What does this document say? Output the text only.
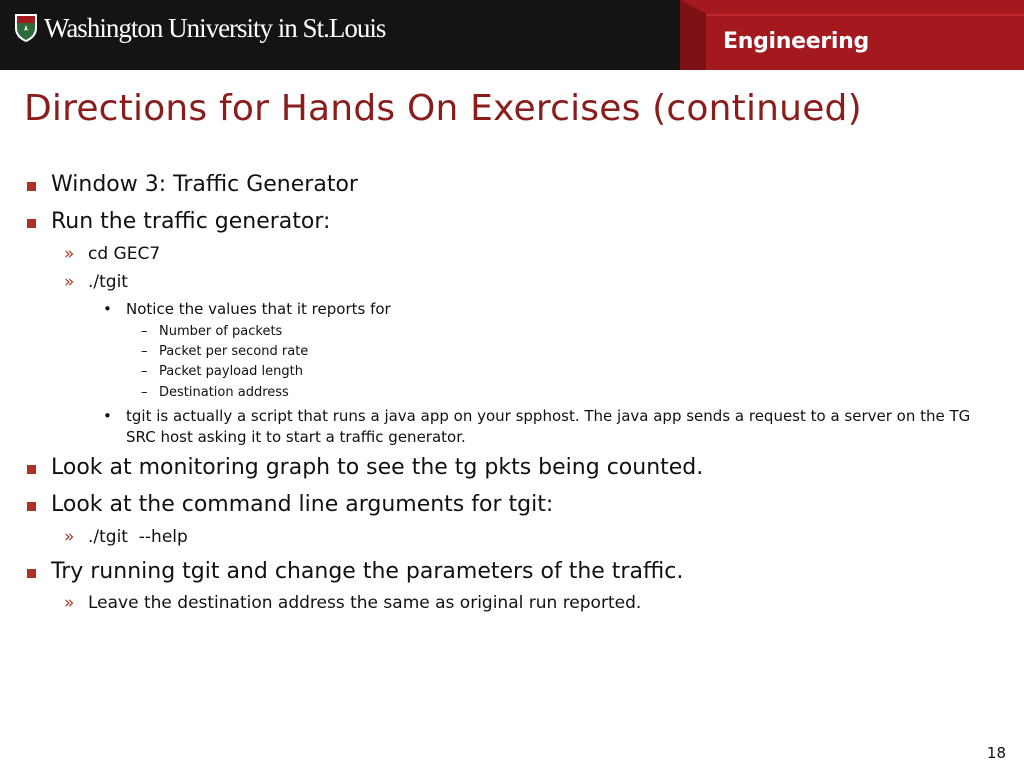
Washington University in St.Louis	Engineering
Directions for Hands On Exercises (continued)
Window 3: Traffic Generator
Run the traffic generator:
» cd GEC7
» ./tgit
• Notice the values that it reports for
– Number of packets
– Packet per second rate
– Packet payload length
– Destination address
• tgit is actually a script that runs a java app on your spphost. The java app sends a request to a server on the TG SRC host asking it to start a traffic generator.
Look at monitoring graph to see the tg pkts being counted.
Look at the command line arguments for tgit:
» ./tgit  --help
Try running tgit and change the parameters of the traffic.
» Leave the destination address the same as original run reported.
18
